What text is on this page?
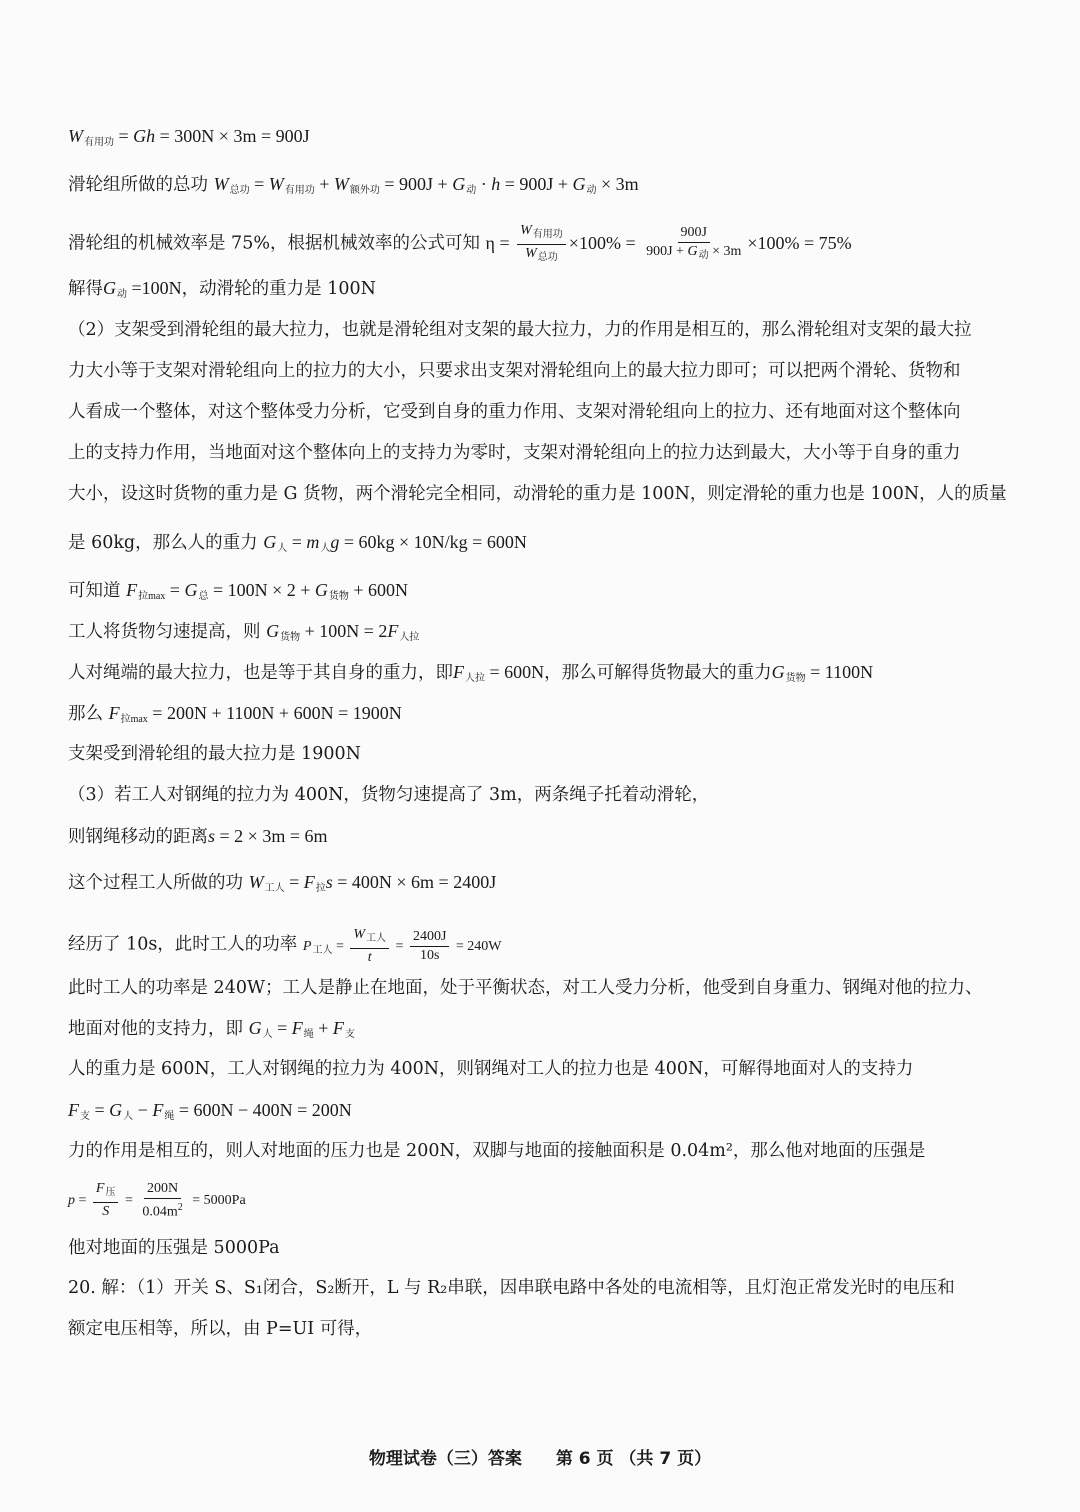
$W_{有用功} = Gh = 300N \times 3m = 900J$
滑轮组所做的总功 $W_{总功} = W_{有用功} + W_{额外功} = 900J + G_动 \cdot h = 900J + G_动 \times 3m$
滑轮组的机械效率是 75%，根据机械效率的公式可知 $\eta = \frac{W_{有用功}}{W_{总功}} \times 100\% = \frac{900J}{900J + G_动 \times 3m} \times 100\% = 75\%$
解得$G_动 =100N$，动滑轮的重力是 100N
（2）支架受到滑轮组的最大拉力，也就是滑轮组对支架的最大拉力，力的作用是相互的，那么滑轮组对支架的最大拉
力大小等于支架对滑轮组向上的拉力的大小，只要求出支架对滑轮组向上的最大拉力即可；可以把两个滑轮、货物和
人看成一个整体，对这个整体受力分析，它受到自身的重力作用、支架对滑轮组向上的拉力、还有地面对这个整体向
上的支持力作用，当地面对这个整体向上的支持力为零时，支架对滑轮组向上的拉力达到最大，大小等于自身的重力
大小，设这时货物的重力是 G 货物，两个滑轮完全相同，动滑轮的重力是 100N，则定滑轮的重力也是 100N，人的质量
是 60kg，那么人的重力 $G_人 = m_人g = 60kg \times 10N/kg = 600N$
可知道 $F_{拉max} = G_总 = 100N \times 2 + G_{货物} + 600N$
工人将货物匀速提高，则 $G_{货物} + 100N = 2F_{人拉}$
人对绳端的最大拉力，也是等于其自身的重力，即$F_{人拉} = 600N$，那么可解得货物最大的重力$G_{货物} = 1100N$
那么 $F_{拉max} = 200N + 1100N + 600N = 1900N$
支架受到滑轮组的最大拉力是 1900N
（3）若工人对钢绳的拉力为 400N，货物匀速提高了 3m，两条绳子托着动滑轮，
则钢绳移动的距离s = 2 × 3m = 6m
这个过程工人所做的功 $W_{工人} = F_拉s = 400N \times 6m = 2400J$
经历了 10s，此时工人的功率 $P_{工人} = \frac{W_{工人}}{t} = \frac{2400J}{10s} = 240W$
此时工人的功率是 240W；工人是静止在地面，处于平衡状态，对工人受力分析，他受到自身重力、钢绳对他的拉力、
地面对他的支持力，即 $G_人 = F_绳 + F_支$
人的重力是 600N，工人对钢绳的拉力为 400N，则钢绳对工人的拉力也是 400N，可解得地面对人的支持力
$F_支 = G_人 - F_绳 = 600N - 400N = 200N$
力的作用是相互的，则人对地面的压力也是 200N，双脚与地面的接触面积是 0.04m²，那么他对地面的压强是
$p = \frac{F_压}{S} = \frac{200N}{0.04m^2} = 5000Pa$
他对地面的压强是 5000Pa
20. 解：（1）开关 S、S₁闭合，S₂断开，L 与 R₂串联，因串联电路中各处的电流相等，且灯泡正常发光时的电压和
额定电压相等，所以，由 P=UI 可得，
物理试卷（三）答案 第 6 页 （共 7 页）
